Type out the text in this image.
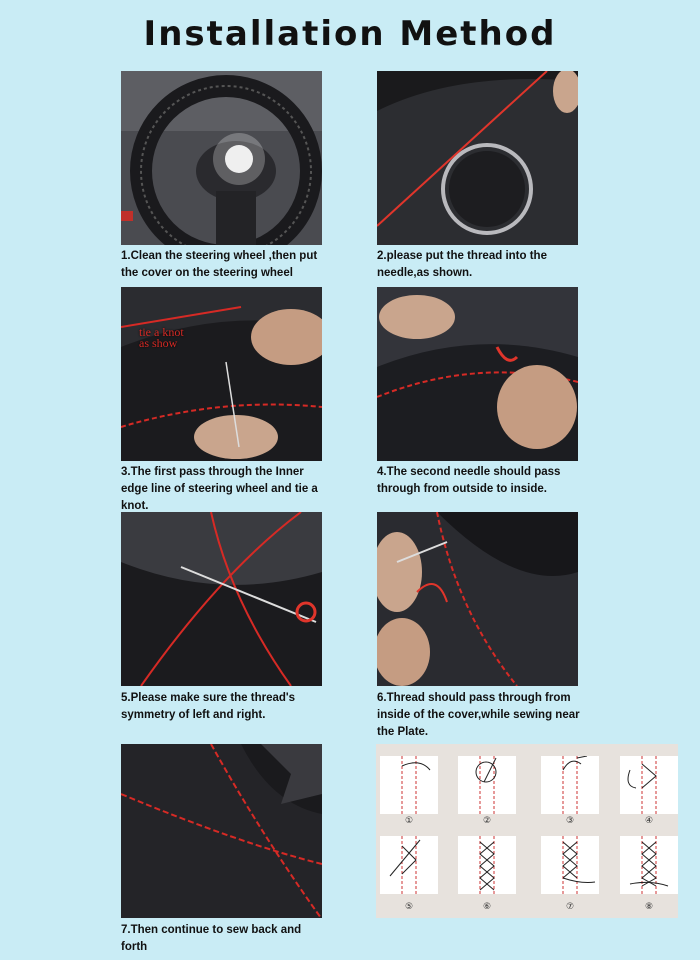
Installation Method
1.Clean the steering wheel ,then put
the cover on the steering wheel
2.please put the thread into the
needle,as shown.
tie a knot
as show
3.The first pass through the Inner
edge line of steering wheel and tie a
knot.
4.The second needle should pass
through from outside to inside.
5.Please make sure the thread's
symmetry of left and right.
6.Thread should pass through from
inside of the cover,while sewing near
the Plate.
7.Then continue to sew back and
forth
①	②	③	④
⑤	⑥	⑦	⑧
